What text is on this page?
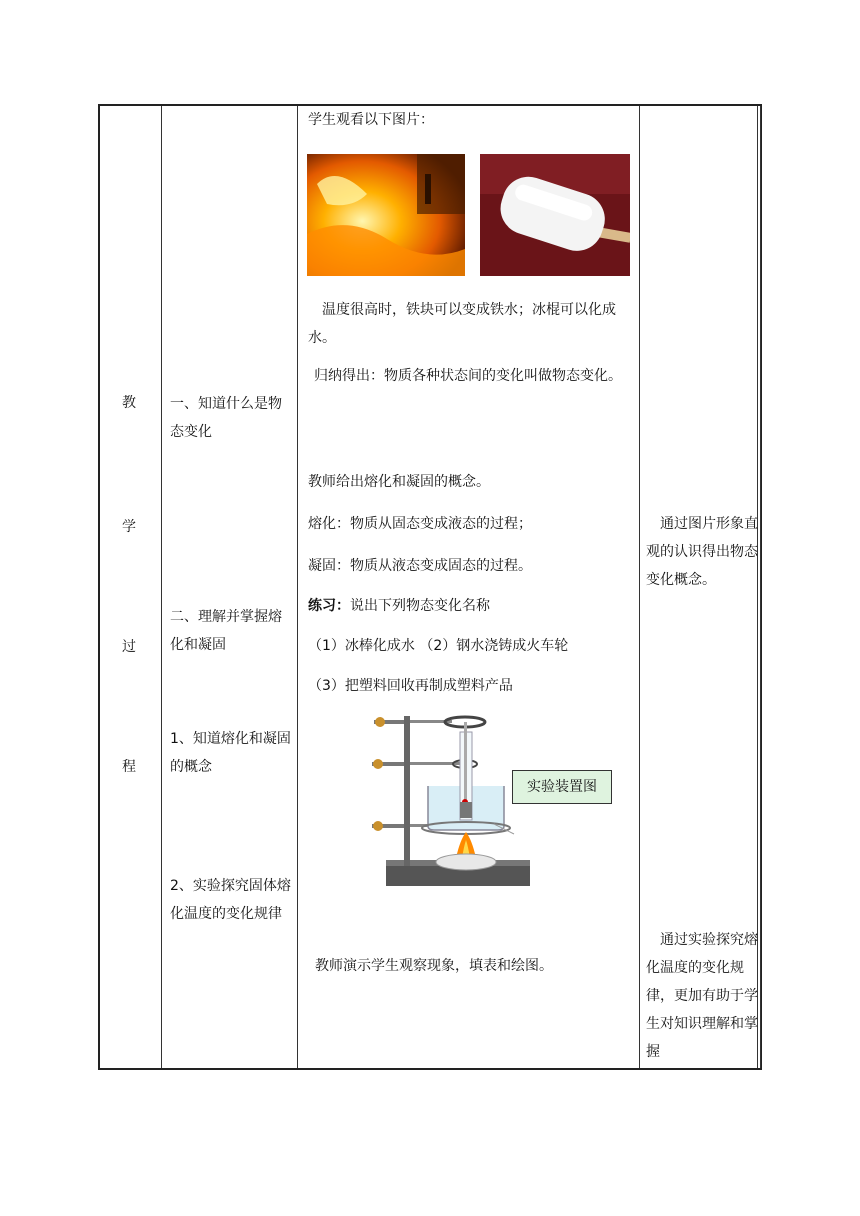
教
学
过
程
一、知道什么是物态变化
二、理解并掌握熔化和凝固
1、知道熔化和凝固的概念
2、实验探究固体熔化温度的变化规律
学生观看以下图片：
温度很高时，铁块可以变成铁水；冰棍可以化成水。
归纳得出：物质各种状态间的变化叫做物态变化。
教师给出熔化和凝固的概念。
熔化：物质从固态变成液态的过程；
凝固：物质从液态变成固态的过程。
练习：说出下列物态变化名称
（1）冰棒化成水 （2）钢水浇铸成火车轮
（3）把塑料回收再制成塑料产品
实验装置图
教师演示学生观察现象，填表和绘图。
通过图片形象直观的认识得出物态变化概念。
通过实验探究熔化温度的变化规律，更加有助于学生对知识理解和掌握
